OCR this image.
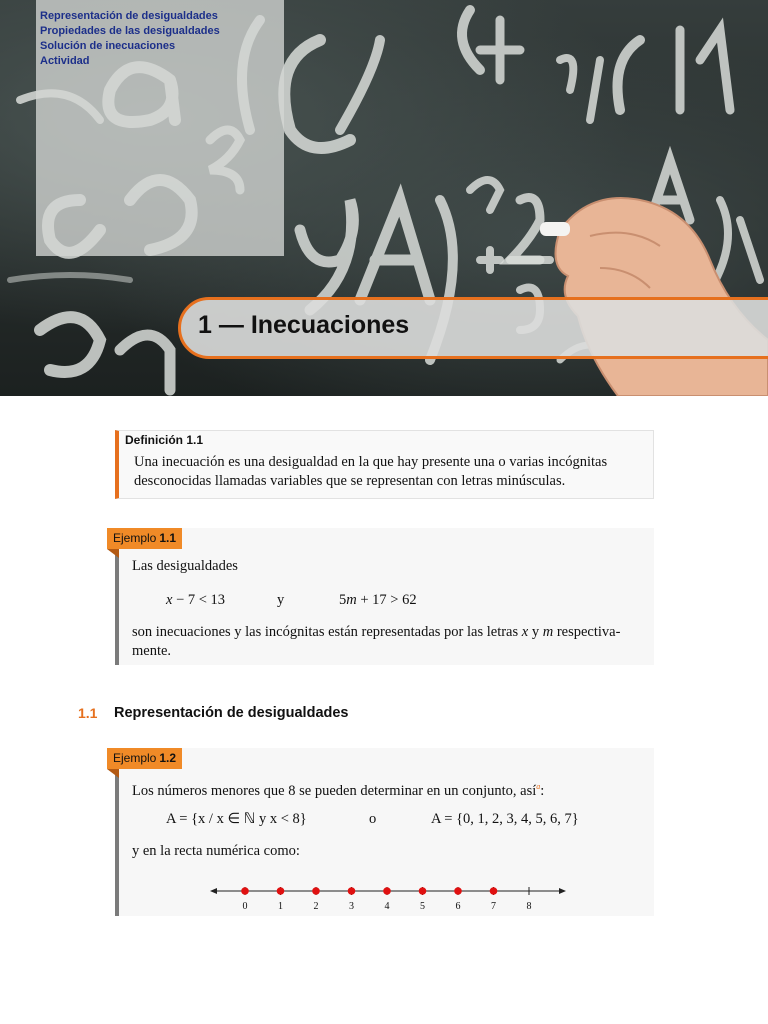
Representación de desigualdades
Propiedades de las desigualdades
Solución de inecuaciones
Actividad
1 — Inecuaciones
Definición 1.1
Una inecuación es una desigualdad en la que hay presente una o varias incógnitas
desconocidas llamadas variables que se representan con letras minúsculas.
Ejemplo 1.1
Las desigualdades
x − 7 < 13	y	5m + 17 > 62
son inecuaciones y las incógnitas están representadas por las letras x y m respectiva-
mente.
1.1 Representación de desigualdades
Ejemplo 1.2
Los números menores que 8 se pueden determinar en un conjunto, así$^a$:
A = {x / x ∈ ℕ y x < 8}	o	A = {0, 1, 2, 3, 4, 5, 6, 7}
y en la recta numérica como:
0	1	2	3	4	5	6	7	8
